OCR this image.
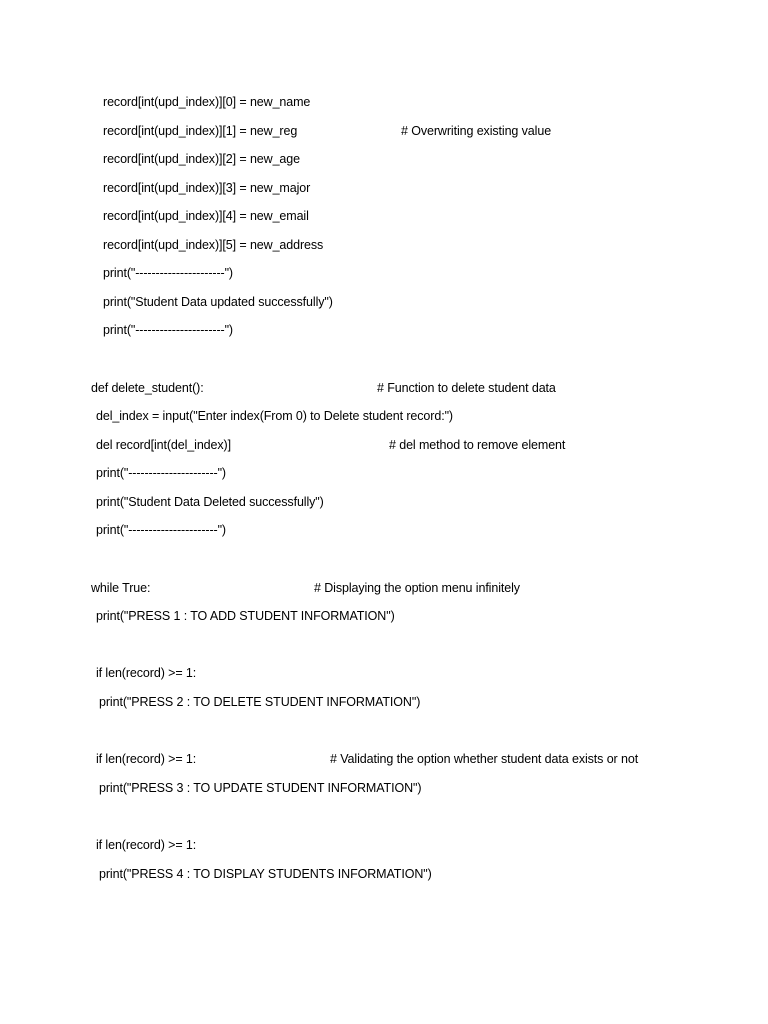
record[int(upd_index)][0] = new_name
record[int(upd_index)][1] = new_reg	# Overwriting existing value
record[int(upd_index)][2] = new_age
record[int(upd_index)][3] = new_major
record[int(upd_index)][4] = new_email
record[int(upd_index)][5] = new_address
print("----------------------")
print("Student Data updated successfully")
print("----------------------")
def delete_student():	# Function to delete student data
del_index = input("Enter index(From 0) to Delete student record:")
del record[int(del_index)]	# del method to remove element
print("----------------------")
print("Student Data Deleted successfully")
print("----------------------")
while True:	# Displaying the option menu infinitely
print("PRESS 1 : TO ADD STUDENT INFORMATION")
if len(record) >= 1:
print("PRESS 2 : TO DELETE STUDENT INFORMATION")
if len(record) >= 1:	# Validating the option whether student data exists or not
print("PRESS 3 : TO UPDATE STUDENT INFORMATION")
if len(record) >= 1:
print("PRESS 4 : TO DISPLAY STUDENTS INFORMATION")
